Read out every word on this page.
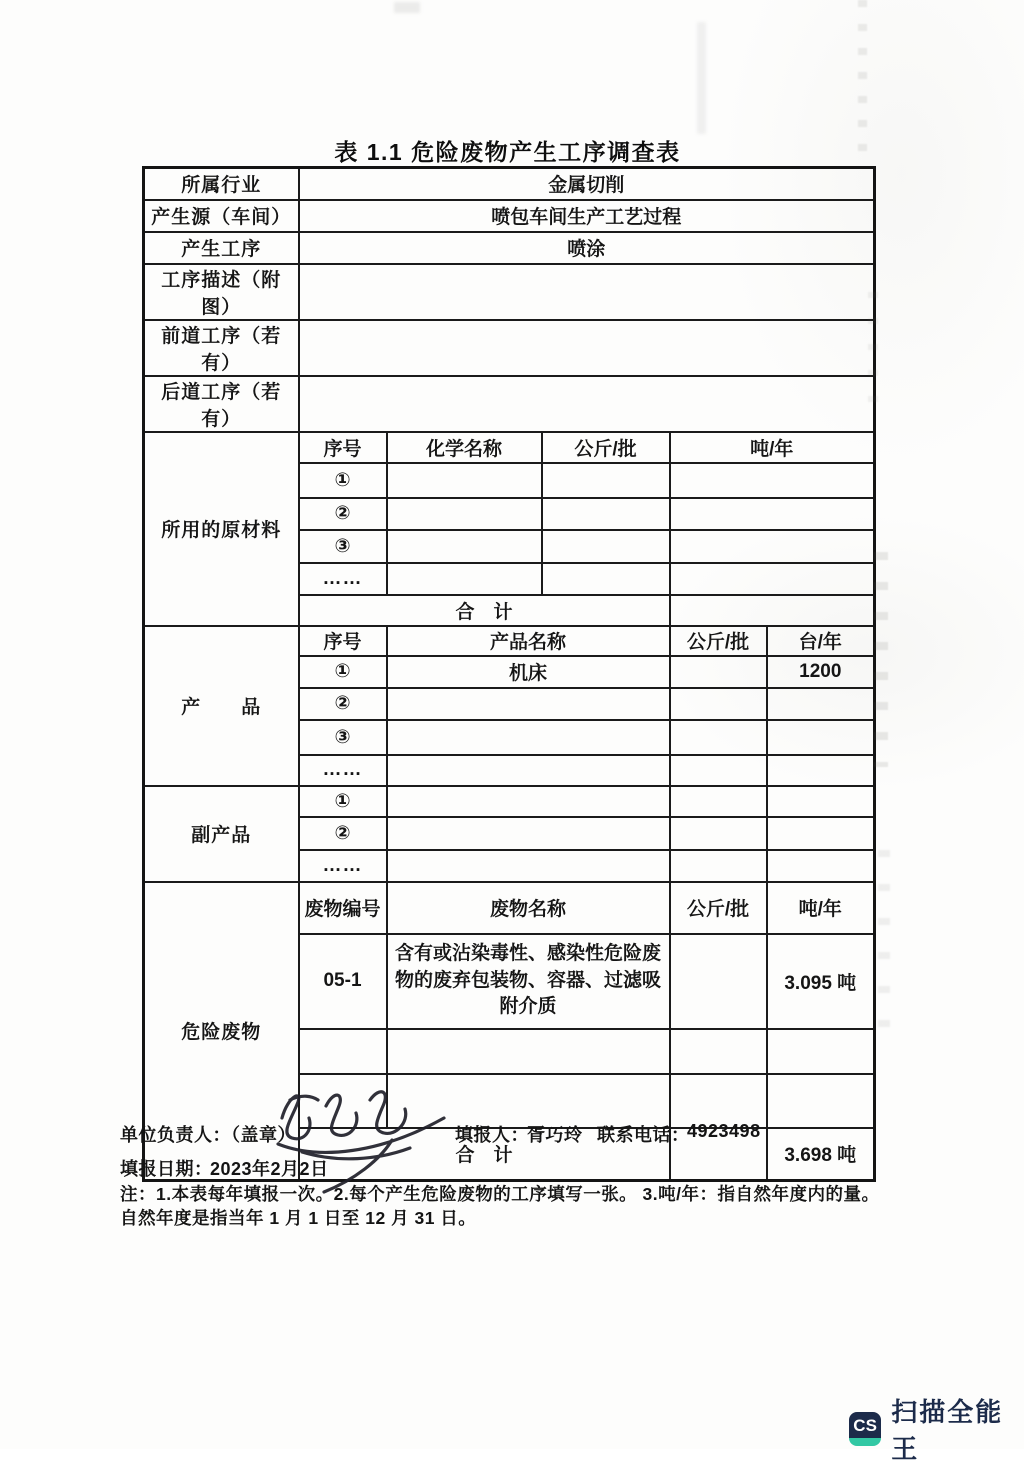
表 1.1 危险废物产生工序调查表
所属行业	金属切削				
产生源（车间）	喷包车间生产工艺过程				
产生工序	喷涂				
工序描述（附图）					
前道工序（若有）					
后道工序（若有）					
所用的原材料	序号	化学名称	公斤/批	吨/年	
	①				
	②				
	③				
	……				
	合　计				
产　　品	序号	产品名称		公斤/批	台/年
	①	机床			1200
	②				
	③				
	……				
副产品	①				
	②				
	……				
危险废物	废物编号	废物名称		公斤/批	吨/年
	05-1	含有或沾染毒性、感染性危险废物的废弃包装物、容器、过滤吸附介质			3.095 吨

	合　计				3.698 吨
单位负责人：（盖章）	填报人：
胥巧玲 联系电话：
4923498
填报日期：
2023年2月2日
注：1.本表每年填报一次。2.每个产生危险废物的工序填写一张。 3.吨/年：指自然年度内的量。
自然年度是指当年 1 月 1 日至 12 月 31 日。
CS 扫描全能王
